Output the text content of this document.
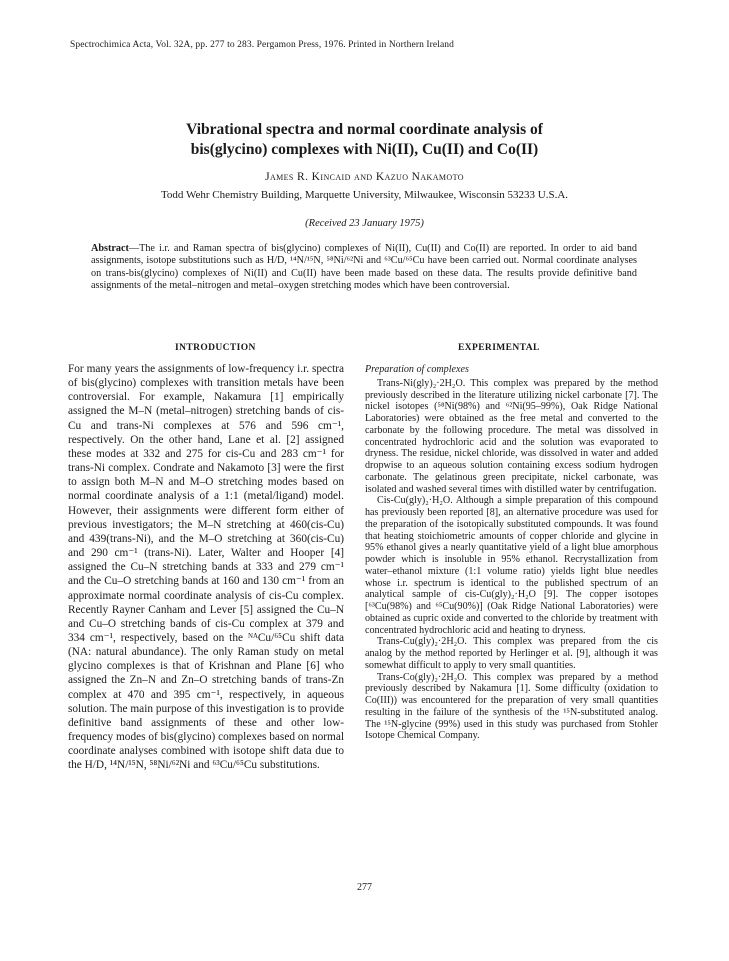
Spectrochimica Acta, Vol. 32A, pp. 277 to 283. Pergamon Press, 1976. Printed in Northern Ireland
Vibrational spectra and normal coordinate analysis of
bis(glycino) complexes with Ni(II), Cu(II) and Co(II)
James R. Kincaid and Kazuo Nakamoto
Todd Wehr Chemistry Building, Marquette University, Milwaukee, Wisconsin 53233 U.S.A.
(Received 23 January 1975)
Abstract—The i.r. and Raman spectra of bis(glycino) complexes of Ni(II), Cu(II) and Co(II) are reported. In order to aid band assignments, isotope substitutions such as H/D, ¹⁴N/¹⁵N, ⁵⁸Ni/⁶²Ni and ⁶³Cu/⁶⁵Cu have been carried out. Normal coordinate analyses on trans-bis(glycino) complexes of Ni(II) and Cu(II) have been made based on these data. The results provide definitive band assignments of the metal–nitrogen and metal–oxygen stretching modes which have been controversial.
INTRODUCTION	EXPERIMENTAL

For many years the assignments of low-frequency i.r. spectra of bis(glycino) complexes with transition metals have been controversial. For example, Nakamura [1] empirically assigned the M–N (metal–nitrogen) stretching bands of cis-Cu and trans-Ni complexes at 576 and 596 cm⁻¹, respectively. On the other hand, Lane et al. [2] assigned these modes at 332 and 275 for cis-Cu and 283 cm⁻¹ for trans-Ni complex. Condrate and Nakamoto [3] were the first to assign both M–N and M–O stretching modes based on normal coordinate analysis of a 1:1 (metal/ligand) model. However, their assignments were different form either of previous investigators; the M–N stretching at 460(cis-Cu) and 439(trans-Ni), and the M–O stretching at 360(cis-Cu) and 290 cm⁻¹ (trans-Ni). Later, Walter and Hooper [4] assigned the Cu–N stretching bands at 333 and 279 cm⁻¹ and the Cu–O stretching bands at 160 and 130 cm⁻¹ from an approximate normal coordinate analysis of cis-Cu complex. Recently Rayner Canham and Lever [5] assigned the Cu–N and Cu–O stretching bands of cis-Cu complex at 379 and 334 cm⁻¹, respectively, based on the ᴺᴬCu/⁶⁵Cu shift data (NA: natural abundance). The only Raman study on metal glycino complexes is that of Krishnan and Plane [6] who assigned the Zn–N and Zn–O stretching bands of trans-Zn complex at 470 and 395 cm⁻¹, respectively, in aqueous solution. The main purpose of this investigation is to provide definitive band assignments of these and other low-frequency modes of bis(glycino) complexes based on normal coordinate analyses combined with isotope shift data due to the H/D, ¹⁴N/¹⁵N, ⁵⁸Ni/⁶²Ni and ⁶³Cu/⁶⁵Cu substitutions.

Preparation of complexes

Trans-Ni(gly)₂·2H₂O. This complex was prepared by the method previously described in the literature utilizing nickel carbonate [7]. The nickel isotopes (⁵⁸Ni(98%) and ⁶²Ni(95–99%), Oak Ridge National Laboratories) were obtained as the free metal and converted to the carbonate by the following procedure. The metal was dissolved in concentrated hydrochloric acid and the solution was evaporated to dryness. The residue, nickel chloride, was dissolved in water and added dropwise to an aqueous solution containing excess sodium hydrogen carbonate. The gelatinous green precipitate, nickel carbonate, was isolated and washed several times with distilled water by centrifugation.

Cis-Cu(gly)₂·H₂O. Although a simple preparation of this compound has previously been reported [8], an alternative procedure was used for the preparation of the isotopically substituted compounds. It was found that heating stoichiometric amounts of copper chloride and glycine in 95% ethanol gives a nearly quantitative yield of a light blue amorphous powder which is insoluble in 95% ethanol. Recrystallization from water–ethanol mixture (1:1 volume ratio) yields light blue needles whose i.r. spectrum is identical to the published spectrum of an analytical sample of cis-Cu(gly)₂·H₂O [9]. The copper isotopes [⁶³Cu(98%) and ⁶⁵Cu(90%)] (Oak Ridge National Laboratories) were obtained as cupric oxide and converted to the chloride by treatment with concentrated hydrochloric acid and heating to dryness.

Trans-Cu(gly)₂·2H₂O. This complex was prepared from the cis analog by the method reported by Herlinger et al. [9], although it was somewhat difficult to apply to very small quantities.

Trans-Co(gly)₂·2H₂O. This complex was prepared by a method previously described by Nakamura [1]. Some difficulty (oxidation to Co(III)) was encountered for the preparation of very small quantities resulting in the failure of the synthesis of the ¹⁵N-substituted analog. The ¹⁵N-glycine (99%) used in this study was purchased from Stohler Isotope Chemical Company.

277
